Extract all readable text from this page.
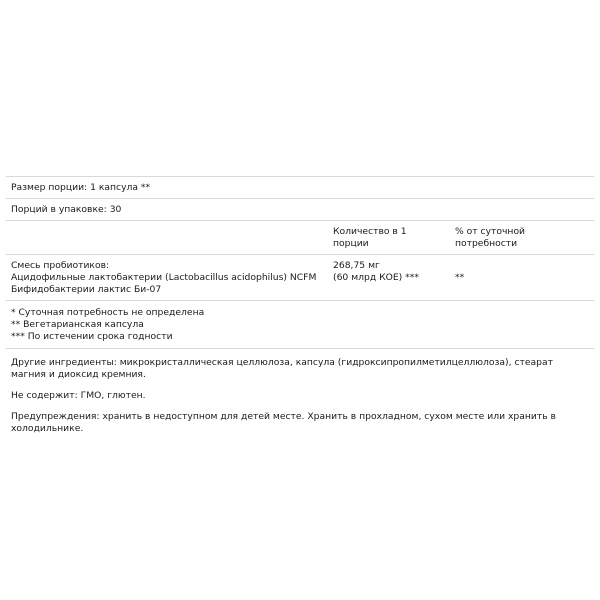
Размер порции: 1 капсула **
Порций в упаковке: 30
Количество в 1 порции
% от суточной потребности
Смесь пробиотиков:
Ацидофильные лактобактерии (Lactobacillus acidophilus) NCFM
Бифидобактерии лактис Би-07
268,75 мг
(60 млрд КОЕ) ***	**
* Суточная потребность не определена
** Вегетарианская капсула
*** По истечении срока годности

Другие ингредиенты: микрокристаллическая целлюлоза, капсула (гидроксипропилметилцеллюлоза), стеарат магния и диоксид кремния.

Не содержит: ГМО, глютен.

Предупреждения: хранить в недоступном для детей месте. Хранить в прохладном, сухом месте или хранить в холодильнике.
